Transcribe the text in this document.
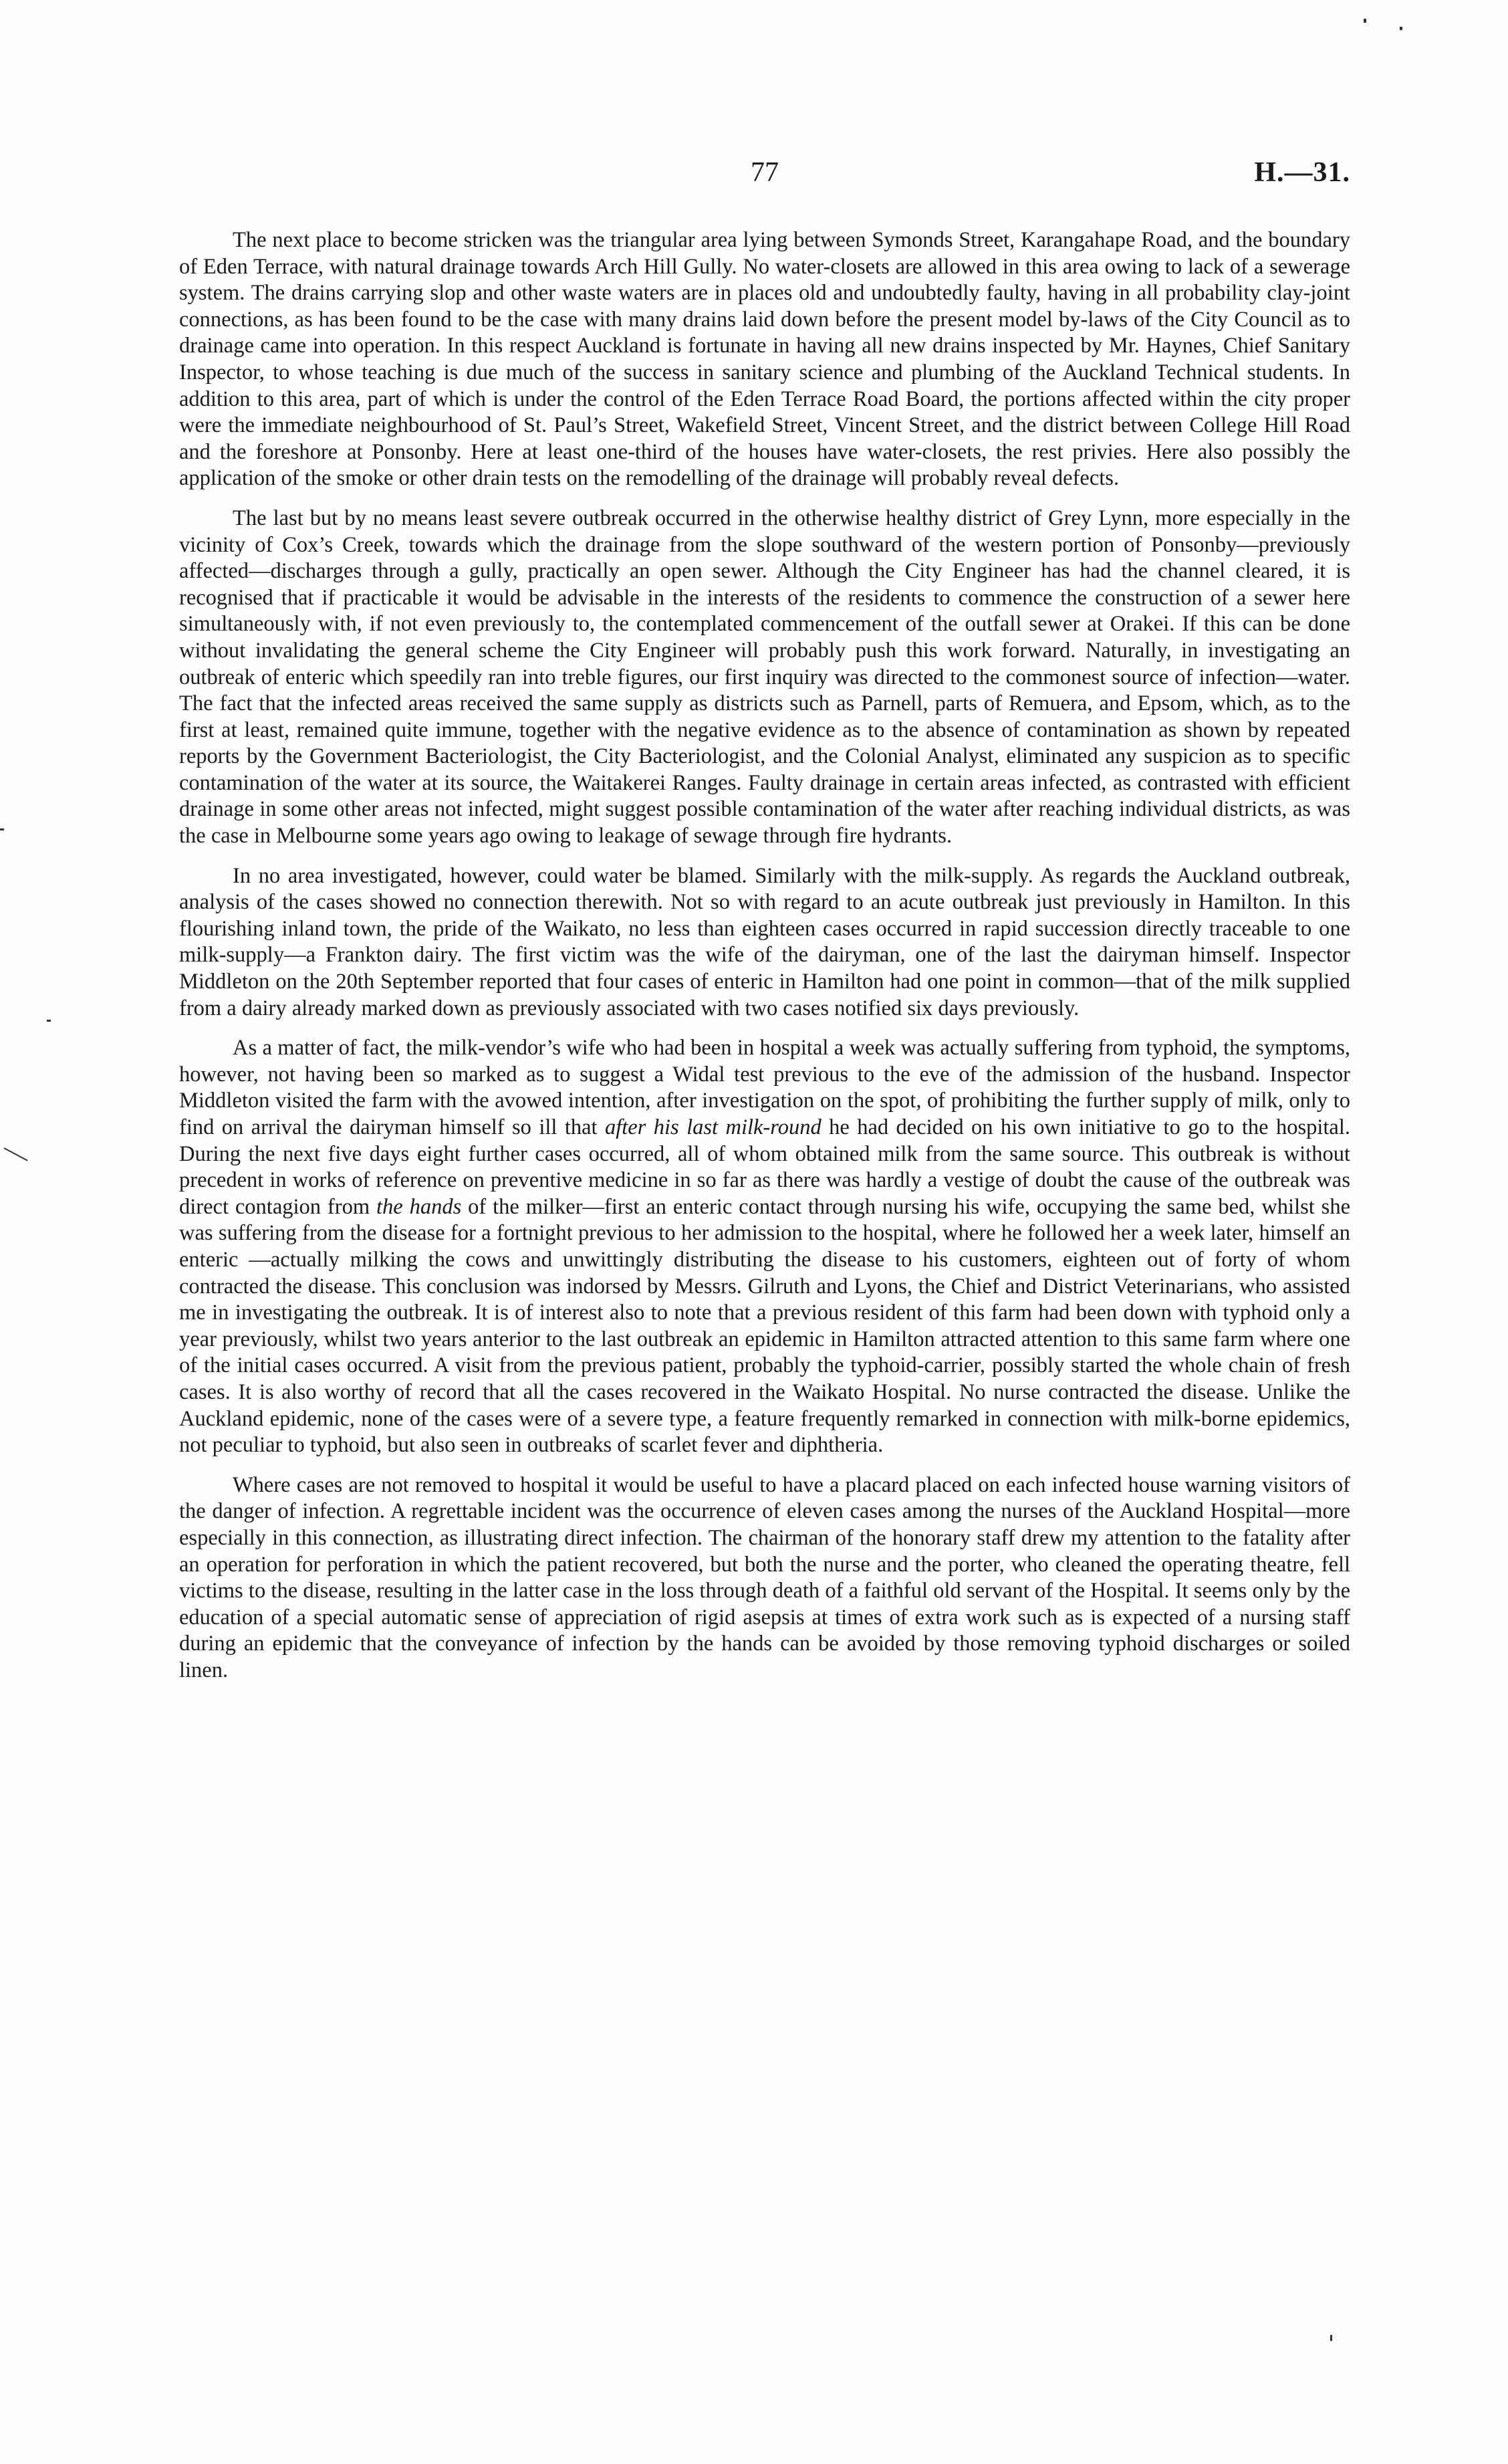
77	H.—31.

The next place to become stricken was the triangular area lying between Symonds Street, Karangahape Road, and the boundary of Eden Terrace, with natural drainage towards Arch Hill Gully. No water-closets are allowed in this area owing to lack of a sewerage system. The drains carrying slop and other waste waters are in places old and undoubtedly faulty, having in all probability clay-joint connections, as has been found to be the case with many drains laid down before the present model by-laws of the City Council as to drainage came into operation. In this respect Auckland is fortunate in having all new drains inspected by Mr. Haynes, Chief Sanitary Inspector, to whose teaching is due much of the success in sanitary science and plumbing of the Auckland Technical students. In addition to this area, part of which is under the control of the Eden Terrace Road Board, the portions affected within the city proper were the immediate neighbourhood of St. Paul’s Street, Wakefield Street, Vincent Street, and the district between College Hill Road and the foreshore at Ponsonby. Here at least one-third of the houses have water-closets, the rest privies. Here also possibly the application of the smoke or other drain tests on the remodelling of the drainage will probably reveal defects.

The last but by no means least severe outbreak occurred in the otherwise healthy district of Grey Lynn, more especially in the vicinity of Cox’s Creek, towards which the drainage from the slope southward of the western portion of Ponsonby—previously affected—discharges through a gully, practically an open sewer. Although the City Engineer has had the channel cleared, it is recognised that if practicable it would be advisable in the interests of the residents to commence the construction of a sewer here simultaneously with, if not even previously to, the contemplated commencement of the outfall sewer at Orakei. If this can be done without invalidating the general scheme the City Engineer will probably push this work forward. Naturally, in investigating an outbreak of enteric which speedily ran into treble figures, our first inquiry was directed to the commonest source of infection—water. The fact that the infected areas received the same supply as districts such as Parnell, parts of Remuera, and Epsom, which, as to the first at least, remained quite immune, together with the negative evidence as to the absence of contamination as shown by repeated reports by the Government Bacteriologist, the City Bacteriologist, and the Colonial Analyst, eliminated any suspicion as to specific contamination of the water at its source, the Waitakerei Ranges. Faulty drainage in certain areas infected, as contrasted with efficient drainage in some other areas not infected, might suggest possible contamination of the water after reaching individual districts, as was the case in Melbourne some years ago owing to leakage of sewage through fire hydrants.

In no area investigated, however, could water be blamed. Similarly with the milk-supply. As regards the Auckland outbreak, analysis of the cases showed no connection therewith. Not so with regard to an acute outbreak just previously in Hamilton. In this flourishing inland town, the pride of the Waikato, no less than eighteen cases occurred in rapid succession directly traceable to one milk-supply—a Frankton dairy. The first victim was the wife of the dairyman, one of the last the dairyman himself. Inspector Middleton on the 20th September reported that four cases of enteric in Hamilton had one point in common—that of the milk supplied from a dairy already marked down as previously associated with two cases notified six days previously.

As a matter of fact, the milk-vendor’s wife who had been in hospital a week was actually suffering from typhoid, the symptoms, however, not having been so marked as to suggest a Widal test previous to the eve of the admission of the husband. Inspector Middleton visited the farm with the avowed intention, after investigation on the spot, of prohibiting the further supply of milk, only to find on arrival the dairyman himself so ill that after his last milk-round he had decided on his own initiative to go to the hospital. During the next five days eight further cases occurred, all of whom obtained milk from the same source. This outbreak is without precedent in works of reference on preventive medicine in so far as there was hardly a vestige of doubt the cause of the outbreak was direct contagion from the hands of the milker—first an enteric contact through nursing his wife, occupying the same bed, whilst she was suffering from the disease for a fortnight previous to her admission to the hospital, where he followed her a week later, himself an enteric —actually milking the cows and unwittingly distributing the disease to his customers, eighteen out of forty of whom contracted the disease. This conclusion was indorsed by Messrs. Gilruth and Lyons, the Chief and District Veterinarians, who assisted me in investigating the outbreak. It is of interest also to note that a previous resident of this farm had been down with typhoid only a year previously, whilst two years anterior to the last outbreak an epidemic in Hamilton attracted attention to this same farm where one of the initial cases occurred. A visit from the previous patient, probably the typhoid-carrier, possibly started the whole chain of fresh cases. It is also worthy of record that all the cases recovered in the Waikato Hospital. No nurse contracted the disease. Unlike the Auckland epidemic, none of the cases were of a severe type, a feature frequently remarked in connection with milk-borne epidemics, not peculiar to typhoid, but also seen in outbreaks of scarlet fever and diphtheria.

Where cases are not removed to hospital it would be useful to have a placard placed on each infected house warning visitors of the danger of infection. A regrettable incident was the occurrence of eleven cases among the nurses of the Auckland Hospital—more especially in this connection, as illustrating direct infection. The chairman of the honorary staff drew my attention to the fatality after an operation for perforation in which the patient recovered, but both the nurse and the porter, who cleaned the operating theatre, fell victims to the disease, resulting in the latter case in the loss through death of a faithful old servant of the Hospital. It seems only by the education of a special automatic sense of appreciation of rigid asepsis at times of extra work such as is expected of a nursing staff during an epidemic that the conveyance of infection by the hands can be avoided by those removing typhoid discharges or soiled linen.
